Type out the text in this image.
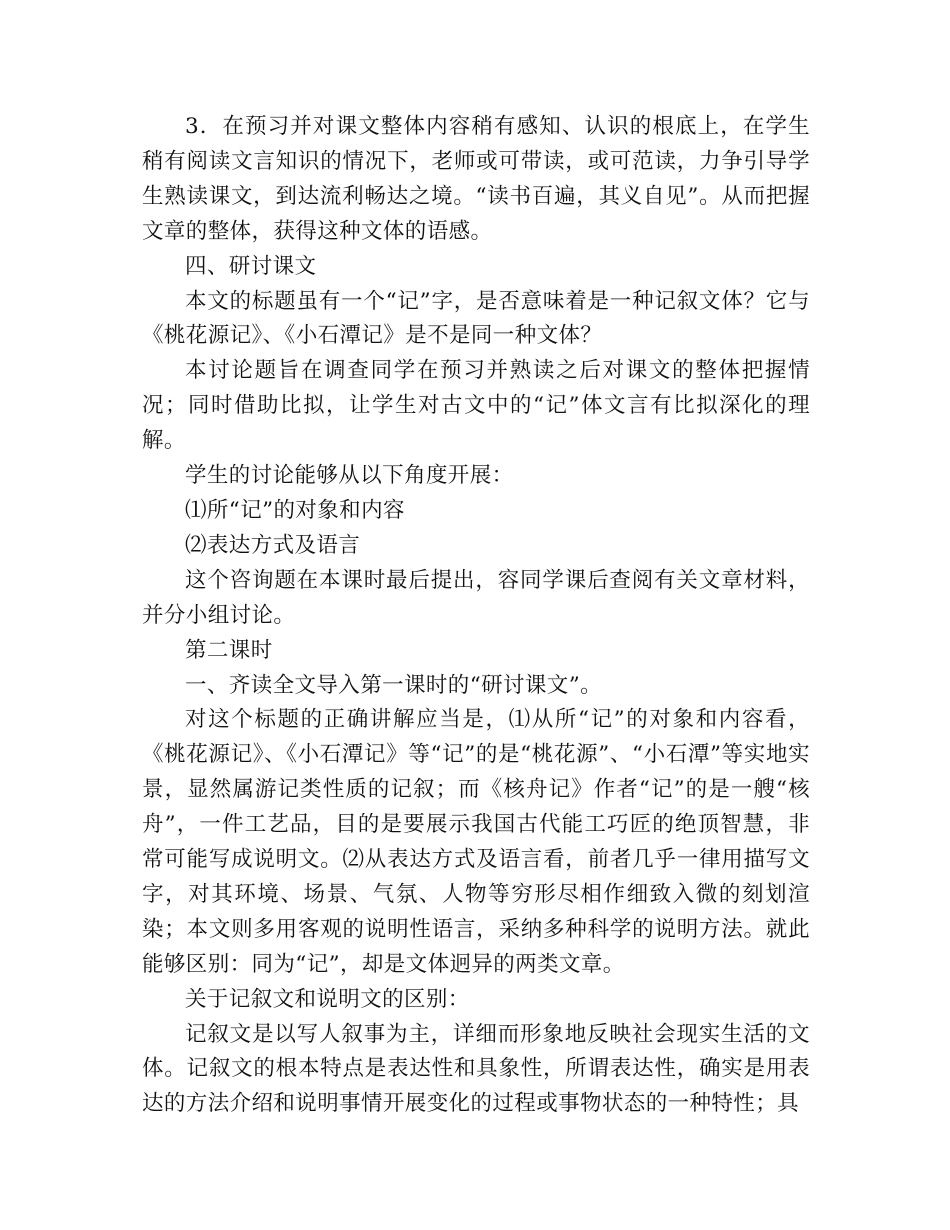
3．在预习并对课文整体内容稍有感知、认识的根底上，在学生稍有阅读文言知识的情况下，老师或可带读，或可范读，力争引导学生熟读课文，到达流利畅达之境。“读书百遍，其义自见”。从而把握文章的整体，获得这种文体的语感。

四、研讨课文

本文的标题虽有一个“记”字，是否意味着是一种记叙文体？它与《桃花源记》、《小石潭记》是不是同一种文体？

本讨论题旨在调查同学在预习并熟读之后对课文的整体把握情况；同时借助比拟，让学生对古文中的“记”体文言有比拟深化的理解。

学生的讨论能够从以下角度开展：

⑴所“记”的对象和内容

⑵表达方式及语言

这个咨询题在本课时最后提出，容同学课后查阅有关文章材料，并分小组讨论。

第二课时

一、齐读全文导入第一课时的“研讨课文”。

对这个标题的正确讲解应当是，⑴从所“记”的对象和内容看，《桃花源记》、《小石潭记》等“记”的是“桃花源”、“小石潭”等实地实景，显然属游记类性质的记叙；而《核舟记》作者“记”的是一艘“核舟”，一件工艺品，目的是要展示我国古代能工巧匠的绝顶智慧，非常可能写成说明文。⑵从表达方式及语言看，前者几乎一律用描写文字，对其环境、场景、气氛、人物等穷形尽相作细致入微的刻划渲染；本文则多用客观的说明性语言，采纳多种科学的说明方法。就此能够区别：同为“记”，却是文体迥异的两类文章。

关于记叙文和说明文的区别：

记叙文是以写人叙事为主，详细而形象地反映社会现实生活的文体。记叙文的根本特点是表达性和具象性，所谓表达性，确实是用表达的方法介绍和说明事情开展变化的过程或事物状态的一种特性；具
